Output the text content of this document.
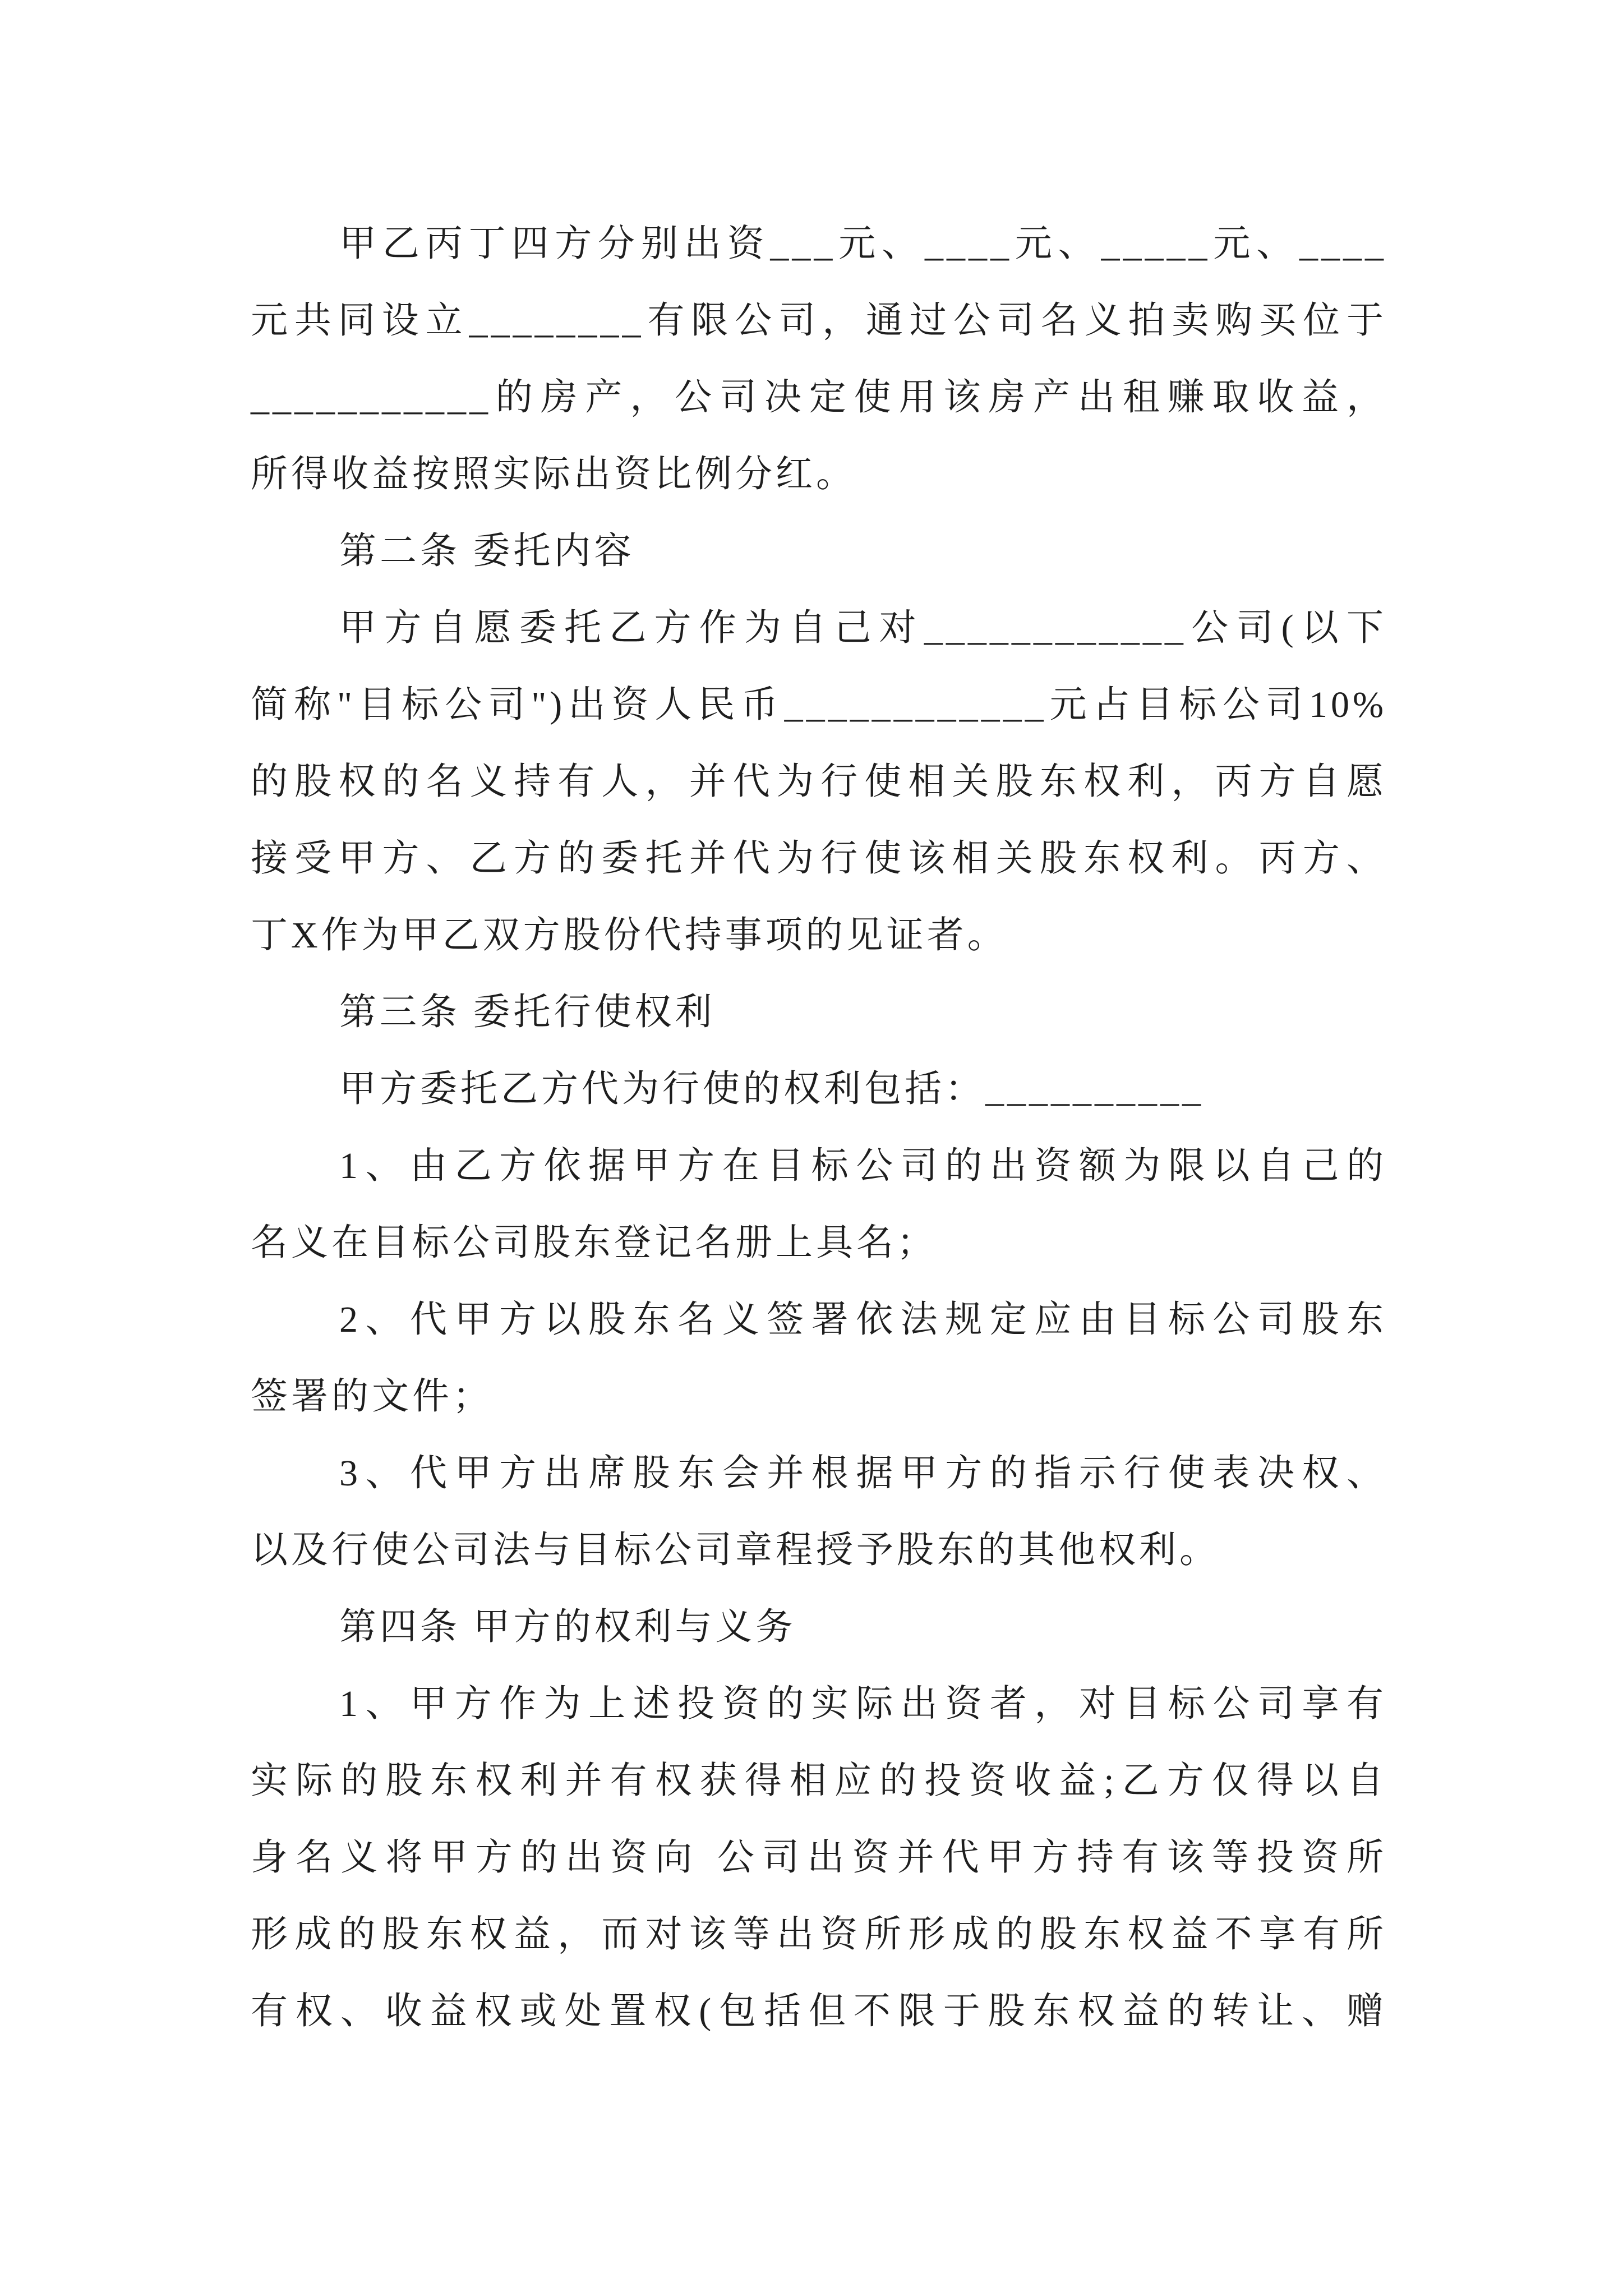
甲乙丙丁四方分别出资___元、____元、_____元、____
元共同设立________有限公司，通过公司名义拍卖购买位于
___________的房产，公司决定使用该房产出租赚取收益，
所得收益按照实际出资比例分红。
第二条 委托内容
甲方自愿委托乙方作为自己对____________公司(以下
简称"目标公司")出资人民币____________元占目标公司10%
的股权的名义持有人，并代为行使相关股东权利，丙方自愿
接受甲方、乙方的委托并代为行使该相关股东权利。丙方、
丁X作为甲乙双方股份代持事项的见证者。
第三条 委托行使权利
甲方委托乙方代为行使的权利包括：__________
1、由乙方依据甲方在目标公司的出资额为限以自己的
名义在目标公司股东登记名册上具名；
2、代甲方以股东名义签署依法规定应由目标公司股东
签署的文件；
3、代甲方出席股东会并根据甲方的指示行使表决权、
以及行使公司法与目标公司章程授予股东的其他权利。
第四条 甲方的权利与义务
1、甲方作为上述投资的实际出资者，对目标公司享有
实际的股东权利并有权获得相应的投资收益;乙方仅得以自
身名义将甲方的出资向 公司出资并代甲方持有该等投资所
形成的股东权益，而对该等出资所形成的股东权益不享有所
有权、收益权或处置权(包括但不限于股东权益的转让、赠
